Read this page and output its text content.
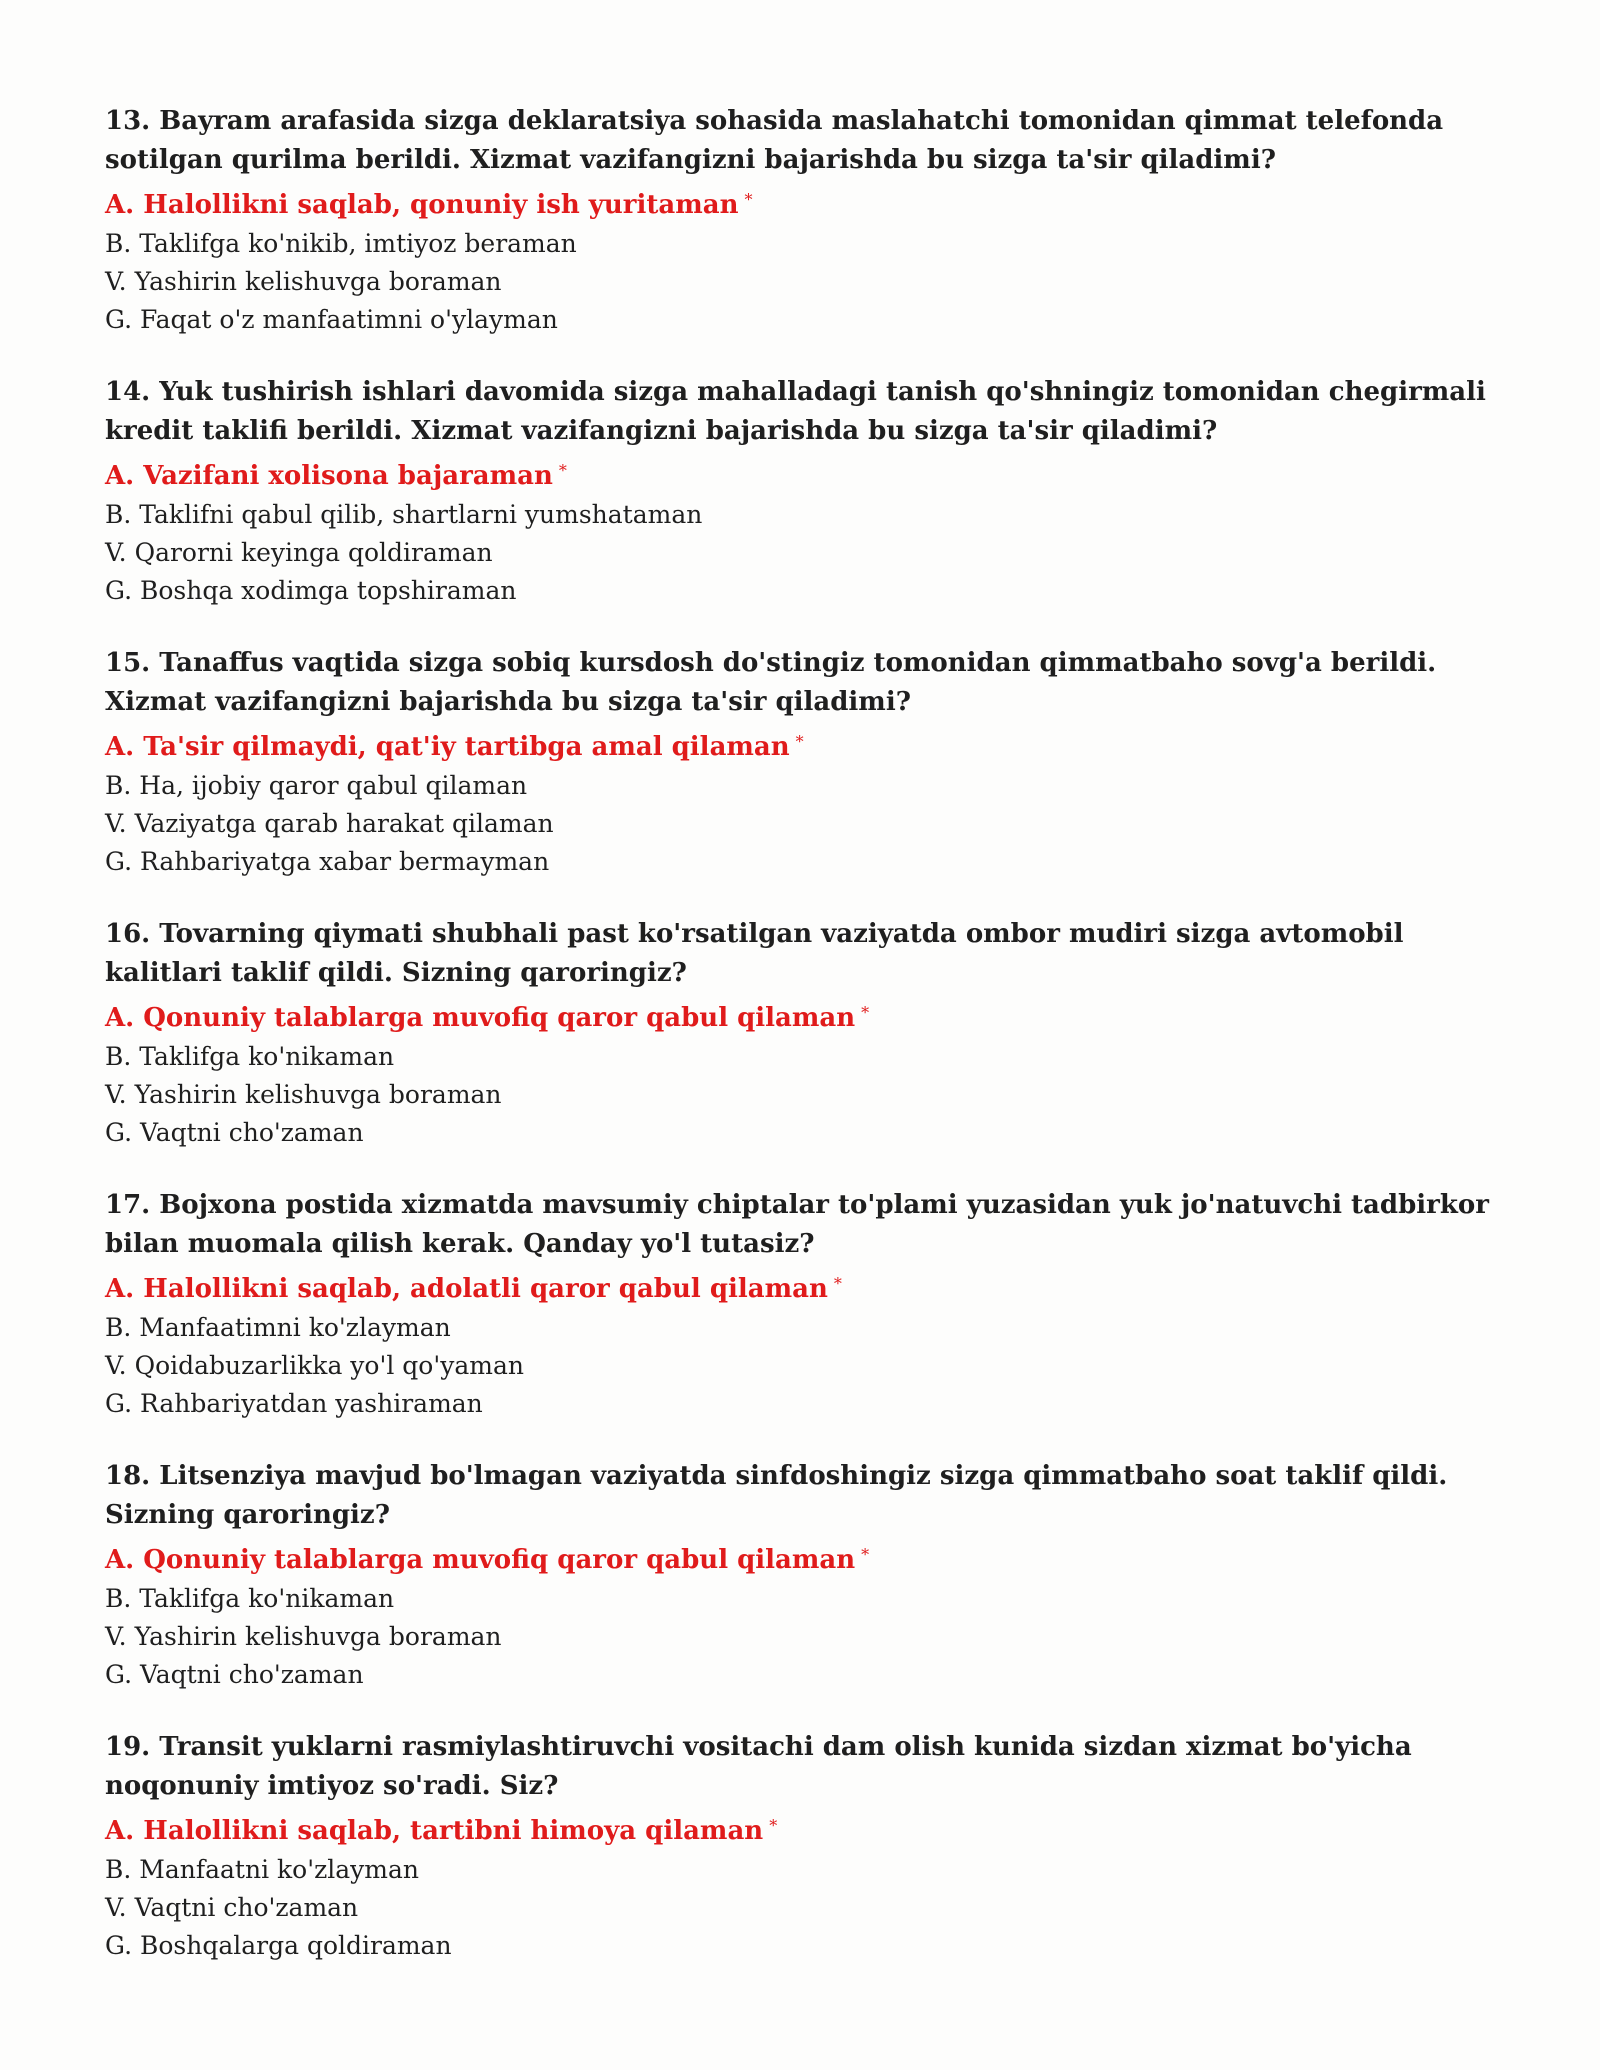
13. Bayram arafasida sizga deklaratsiya sohasida maslahatchi tomonidan qimmat telefonda sotilgan qurilma berildi. Xizmat vazifangizni bajarishda bu sizga ta'sir qiladimi?
A. Halollikni saqlab, qonuniy ish yuritaman *
B. Taklifga ko'nikib, imtiyoz beraman
V. Yashirin kelishuvga boraman
G. Faqat o'z manfaatimni o'ylayman
14. Yuk tushirish ishlari davomida sizga mahalladagi tanish qo'shningiz tomonidan chegirmali kredit taklifi berildi. Xizmat vazifangizni bajarishda bu sizga ta'sir qiladimi?
A. Vazifani xolisona bajaraman *
B. Taklifni qabul qilib, shartlarni yumshataman
V. Qarorni keyinga qoldiraman
G. Boshqa xodimga topshiraman
15. Tanaffus vaqtida sizga sobiq kursdosh do'stingiz tomonidan qimmatbaho sovg'a berildi. Xizmat vazifangizni bajarishda bu sizga ta'sir qiladimi?
A. Ta'sir qilmaydi, qat'iy tartibga amal qilaman *
B. Ha, ijobiy qaror qabul qilaman
V. Vaziyatga qarab harakat qilaman
G. Rahbariyatga xabar bermayman
16. Tovarning qiymati shubhali past ko'rsatilgan vaziyatda ombor mudiri sizga avtomobil kalitlari taklif qildi. Sizning qaroringiz?
A. Qonuniy talablarga muvofiq qaror qabul qilaman *
B. Taklifga ko'nikaman
V. Yashirin kelishuvga boraman
G. Vaqtni cho'zaman
17. Bojxona postida xizmatda mavsumiy chiptalar to'plami yuzasidan yuk jo'natuvchi tadbirkor bilan muomala qilish kerak. Qanday yo'l tutasiz?
A. Halollikni saqlab, adolatli qaror qabul qilaman *
B. Manfaatimni ko'zlayman
V. Qoidabuzarlikka yo'l qo'yaman
G. Rahbariyatdan yashiraman
18. Litsenziya mavjud bo'lmagan vaziyatda sinfdoshingiz sizga qimmatbaho soat taklif qildi. Sizning qaroringiz?
A. Qonuniy talablarga muvofiq qaror qabul qilaman *
B. Taklifga ko'nikaman
V. Yashirin kelishuvga boraman
G. Vaqtni cho'zaman
19. Transit yuklarni rasmiylashtiruvchi vositachi dam olish kunida sizdan xizmat bo'yicha noqonuniy imtiyoz so'radi. Siz?
A. Halollikni saqlab, tartibni himoya qilaman *
B. Manfaatni ko'zlayman
V. Vaqtni cho'zaman
G. Boshqalarga qoldiraman
